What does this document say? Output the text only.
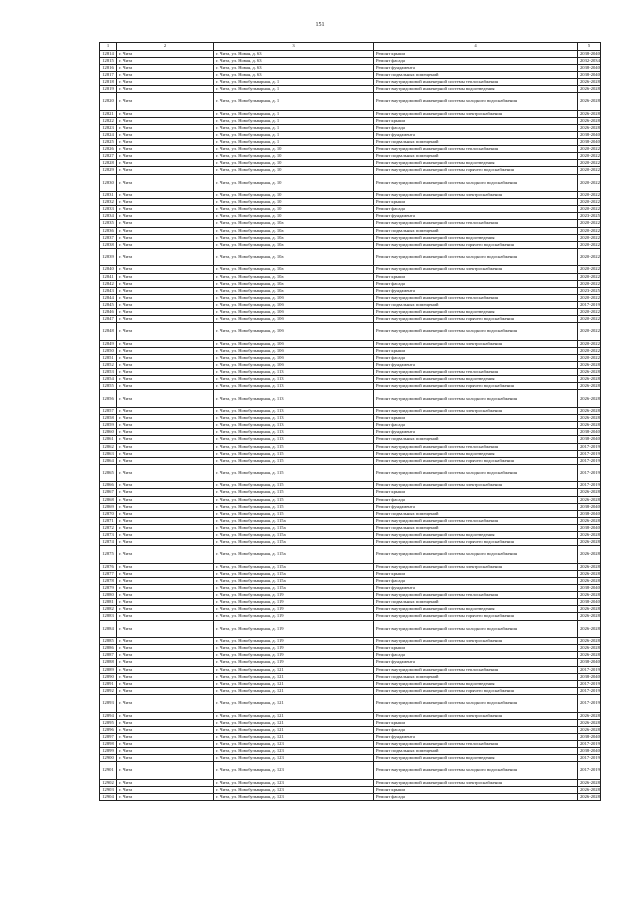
151
1	2	3	4	5
12814	г. Чита	г. Чита, ул. Новая, д. 63	Ремонт крыши	2038-2040
12815	г. Чита	г. Чита, ул. Новая, д. 63	Ремонт фасада	2032-2034
12816	г. Чита	г. Чита, ул. Новая, д. 63	Ремонт фундамента	2038-2040
12817	г. Чита	г. Чита, ул. Новая, д. 63	Ремонт подвальных помещений	2038-2040
12818	г. Чита	г. Чита, ул. Новобульварная, д. 1	Ремонт внутридомовой инженерной системы теплоснабжения	2026-2028
12819	г. Чита	г. Чита, ул. Новобульварная, д. 1	Ремонт внутридомовой инженерной системы водоотведения	2026-2028
12820	г. Чита	г. Чита, ул. Новобульварная, д. 1	Ремонт внутридомовой инженерной системы холодного водоснабжения	2026-2028
12821	г. Чита	г. Чита, ул. Новобульварная, д. 1	Ремонт внутридомовой инженерной системы электроснабжения	2026-2028
12822	г. Чита	г. Чита, ул. Новобульварная, д. 1	Ремонт крыши	2026-2028
12823	г. Чита	г. Чита, ул. Новобульварная, д. 1	Ремонт фасада	2026-2028
12824	г. Чита	г. Чита, ул. Новобульварная, д. 1	Ремонт фундамента	2038-2040
12825	г. Чита	г. Чита, ул. Новобульварная, д. 1	Ремонт подвальных помещений	2038-2040
12826	г. Чита	г. Чита, ул. Новобульварная, д. 10	Ремонт внутридомовой инженерной системы теплоснабжения	2020-2022
12827	г. Чита	г. Чита, ул. Новобульварная, д. 10	Ремонт подвальных помещений	2020-2022
12828	г. Чита	г. Чита, ул. Новобульварная, д. 10	Ремонт внутридомовой инженерной системы водоотведения	2020-2022
12829	г. Чита	г. Чита, ул. Новобульварная, д. 10	Ремонт внутридомовой инженерной системы горячего водоснабжения	2020-2022
12830	г. Чита	г. Чита, ул. Новобульварная, д. 10	Ремонт внутридомовой инженерной системы холодного водоснабжения	2020-2022
12831	г. Чита	г. Чита, ул. Новобульварная, д. 10	Ремонт внутридомовой инженерной системы электроснабжения	2020-2022
12832	г. Чита	г. Чита, ул. Новобульварная, д. 10	Ремонт крыши	2020-2022
12833	г. Чита	г. Чита, ул. Новобульварная, д. 10	Ремонт фасада	2020-2022
12834	г. Чита	г. Чита, ул. Новобульварная, д. 10	Ремонт фундамента	2023-2025
12835	г. Чита	г. Чита, ул. Новобульварная, д. 10а	Ремонт внутридомовой инженерной системы теплоснабжения	2020-2022
12836	г. Чита	г. Чита, ул. Новобульварная, д. 10а	Ремонт подвальных помещений	2020-2022
12837	г. Чита	г. Чита, ул. Новобульварная, д. 10а	Ремонт внутридомовой инженерной системы водоотведения	2020-2022
12838	г. Чита	г. Чита, ул. Новобульварная, д. 10а	Ремонт внутридомовой инженерной системы горячего водоснабжения	2020-2022
12839	г. Чита	г. Чита, ул. Новобульварная, д. 10а	Ремонт внутридомовой инженерной системы холодного водоснабжения	2020-2022
12840	г. Чита	г. Чита, ул. Новобульварная, д. 10а	Ремонт внутридомовой инженерной системы электроснабжения	2020-2022
12841	г. Чита	г. Чита, ул. Новобульварная, д. 10а	Ремонт крыши	2020-2022
12842	г. Чита	г. Чита, ул. Новобульварная, д. 10а	Ремонт фасада	2020-2022
12843	г. Чита	г. Чита, ул. Новобульварная, д. 10а	Ремонт фундамента	2023-2025
12844	г. Чита	г. Чита, ул. Новобульварная, д. 10б	Ремонт внутридомовой инженерной системы теплоснабжения	2020-2022
12845	г. Чита	г. Чита, ул. Новобульварная, д. 10б	Ремонт подвальных помещений	2017-2019
12846	г. Чита	г. Чита, ул. Новобульварная, д. 10б	Ремонт внутридомовой инженерной системы водоотведения	2020-2022
12847	г. Чита	г. Чита, ул. Новобульварная, д. 10б	Ремонт внутридомовой инженерной системы горячего водоснабжения	2020-2022
12848	г. Чита	г. Чита, ул. Новобульварная, д. 10б	Ремонт внутридомовой инженерной системы холодного водоснабжения	2020-2022
12849	г. Чита	г. Чита, ул. Новобульварная, д. 10б	Ремонт внутридомовой инженерной системы электроснабжения	2020-2022
12850	г. Чита	г. Чита, ул. Новобульварная, д. 10б	Ремонт крыши	2020-2022
12851	г. Чита	г. Чита, ул. Новобульварная, д. 10б	Ремонт фасада	2020-2022
12852	г. Чита	г. Чита, ул. Новобульварная, д. 10б	Ремонт фундамента	2026-2028
12853	г. Чита	г. Чита, ул. Новобульварная, д. 113	Ремонт внутридомовой инженерной системы теплоснабжения	2026-2028
12854	г. Чита	г. Чита, ул. Новобульварная, д. 113	Ремонт внутридомовой инженерной системы водоотведения	2026-2028
12855	г. Чита	г. Чита, ул. Новобульварная, д. 113	Ремонт внутридомовой инженерной системы горячего водоснабжения	2026-2028
12856	г. Чита	г. Чита, ул. Новобульварная, д. 113	Ремонт внутридомовой инженерной системы холодного водоснабжения	2026-2028
12857	г. Чита	г. Чита, ул. Новобульварная, д. 113	Ремонт внутридомовой инженерной системы электроснабжения	2026-2028
12858	г. Чита	г. Чита, ул. Новобульварная, д. 113	Ремонт крыши	2026-2028
12859	г. Чита	г. Чита, ул. Новобульварная, д. 113	Ремонт фасада	2026-2028
12860	г. Чита	г. Чита, ул. Новобульварная, д. 113	Ремонт фундамента	2038-2040
12861	г. Чита	г. Чита, ул. Новобульварная, д. 113	Ремонт подвальных помещений	2038-2040
12862	г. Чита	г. Чита, ул. Новобульварная, д. 115	Ремонт внутридомовой инженерной системы теплоснабжения	2017-2019
12863	г. Чита	г. Чита, ул. Новобульварная, д. 115	Ремонт внутридомовой инженерной системы водоотведения	2017-2019
12864	г. Чита	г. Чита, ул. Новобульварная, д. 115	Ремонт внутридомовой инженерной системы горячего водоснабжения	2017-2019
12865	г. Чита	г. Чита, ул. Новобульварная, д. 115	Ремонт внутридомовой инженерной системы холодного водоснабжения	2017-2019
12866	г. Чита	г. Чита, ул. Новобульварная, д. 115	Ремонт внутридомовой инженерной системы электроснабжения	2017-2019
12867	г. Чита	г. Чита, ул. Новобульварная, д. 115	Ремонт крыши	2026-2028
12868	г. Чита	г. Чита, ул. Новобульварная, д. 115	Ремонт фасада	2026-2028
12869	г. Чита	г. Чита, ул. Новобульварная, д. 115	Ремонт фундамента	2038-2040
12870	г. Чита	г. Чита, ул. Новобульварная, д. 115	Ремонт подвальных помещений	2038-2040
12871	г. Чита	г. Чита, ул. Новобульварная, д. 115а	Ремонт внутридомовой инженерной системы теплоснабжения	2026-2028
12872	г. Чита	г. Чита, ул. Новобульварная, д. 115а	Ремонт подвальных помещений	2038-2040
12873	г. Чита	г. Чита, ул. Новобульварная, д. 115а	Ремонт внутридомовой инженерной системы водоотведения	2026-2028
12874	г. Чита	г. Чита, ул. Новобульварная, д. 115а	Ремонт внутридомовой инженерной системы горячего водоснабжения	2026-2028
12875	г. Чита	г. Чита, ул. Новобульварная, д. 115а	Ремонт внутридомовой инженерной системы холодного водоснабжения	2026-2028
12876	г. Чита	г. Чита, ул. Новобульварная, д. 115а	Ремонт внутридомовой инженерной системы электроснабжения	2026-2028
12877	г. Чита	г. Чита, ул. Новобульварная, д. 115а	Ремонт крыши	2026-2028
12878	г. Чита	г. Чита, ул. Новобульварная, д. 115а	Ремонт фасада	2026-2028
12879	г. Чита	г. Чита, ул. Новобульварная, д. 115а	Ремонт фундамента	2038-2040
12880	г. Чита	г. Чита, ул. Новобульварная, д. 119	Ремонт внутридомовой инженерной системы теплоснабжения	2026-2028
12881	г. Чита	г. Чита, ул. Новобульварная, д. 119	Ремонт подвальных помещений	2038-2040
12882	г. Чита	г. Чита, ул. Новобульварная, д. 119	Ремонт внутридомовой инженерной системы водоотведения	2026-2028
12883	г. Чита	г. Чита, ул. Новобульварная, д. 119	Ремонт внутридомовой инженерной системы горячего водоснабжения	2026-2028
12884	г. Чита	г. Чита, ул. Новобульварная, д. 119	Ремонт внутридомовой инженерной системы холодного водоснабжения	2026-2028
12885	г. Чита	г. Чита, ул. Новобульварная, д. 119	Ремонт внутридомовой инженерной системы электроснабжения	2026-2028
12886	г. Чита	г. Чита, ул. Новобульварная, д. 119	Ремонт крыши	2026-2028
12887	г. Чита	г. Чита, ул. Новобульварная, д. 119	Ремонт фасада	2026-2028
12888	г. Чита	г. Чита, ул. Новобульварная, д. 119	Ремонт фундамента	2038-2040
12889	г. Чита	г. Чита, ул. Новобульварная, д. 121	Ремонт внутридомовой инженерной системы теплоснабжения	2017-2019
12890	г. Чита	г. Чита, ул. Новобульварная, д. 121	Ремонт подвальных помещений	2038-2040
12891	г. Чита	г. Чита, ул. Новобульварная, д. 121	Ремонт внутридомовой инженерной системы водоотведения	2017-2019
12892	г. Чита	г. Чита, ул. Новобульварная, д. 121	Ремонт внутридомовой инженерной системы горячего водоснабжения	2017-2019
12893	г. Чита	г. Чита, ул. Новобульварная, д. 121	Ремонт внутридомовой инженерной системы холодного водоснабжения	2017-2019
12894	г. Чита	г. Чита, ул. Новобульварная, д. 121	Ремонт внутридомовой инженерной системы электроснабжения	2026-2028
12895	г. Чита	г. Чита, ул. Новобульварная, д. 121	Ремонт крыши	2026-2028
12896	г. Чита	г. Чита, ул. Новобульварная, д. 121	Ремонт фасада	2026-2028
12897	г. Чита	г. Чита, ул. Новобульварная, д. 121	Ремонт фундамента	2038-2040
12898	г. Чита	г. Чита, ул. Новобульварная, д. 123	Ремонт внутридомовой инженерной системы теплоснабжения	2017-2019
12899	г. Чита	г. Чита, ул. Новобульварная, д. 123	Ремонт подвальных помещений	2038-2040
12900	г. Чита	г. Чита, ул. Новобульварная, д. 123	Ремонт внутридомовой инженерной системы водоотведения	2017-2019
12901	г. Чита	г. Чита, ул. Новобульварная, д. 123	Ремонт внутридомовой инженерной системы холодного водоснабжения	2017-2019
12902	г. Чита	г. Чита, ул. Новобульварная, д. 123	Ремонт внутридомовой инженерной системы электроснабжения	2026-2028
12903	г. Чита	г. Чита, ул. Новобульварная, д. 123	Ремонт крыши	2026-2028
12904	г. Чита	г. Чита, ул. Новобульварная, д. 123	Ремонт фасада	2026-2028
